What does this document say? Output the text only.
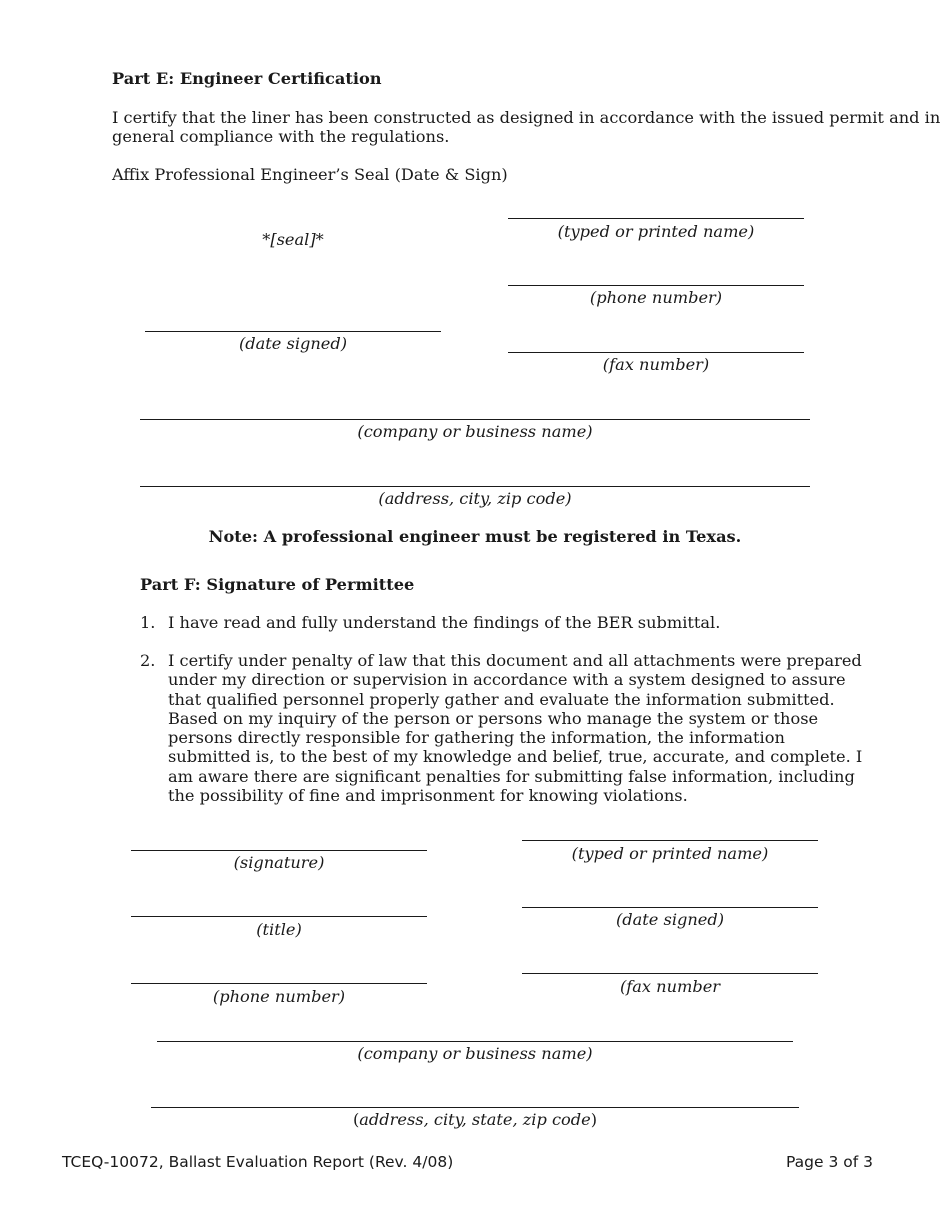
Part E: Engineer Certification
I certify that the liner has been constructed as designed in accordance with the issued permit and in
general compliance with the regulations.
Affix Professional Engineer’s Seal (Date & Sign)
*[seal]*	(typed or printed name)
(phone number)
(date signed)
(fax number)
(company or business name)
(address, city, zip code)
Note: A professional engineer must be registered in Texas.
Part F: Signature of Permittee
1. I have read and fully understand the findings of the BER submittal.
2. I certify under penalty of law that this document and all attachments were prepared
under my direction or supervision in accordance with a system designed to assure
that qualified personnel properly gather and evaluate the information submitted.
Based on my inquiry of the person or persons who manage the system or those
persons directly responsible for gathering the information, the information
submitted is, to the best of my knowledge and belief, true, accurate, and complete. I
am aware there are significant penalties for submitting false information, including
the possibility of fine and imprisonment for knowing violations.
(typed or printed name)
(signature)
(date signed)
(title)
(fax number
(phone number)
(company or business name)
(address, city, state, zip code)
TCEQ-10072, Ballast Evaluation Report (Rev. 4/08)	Page 3 of 3
